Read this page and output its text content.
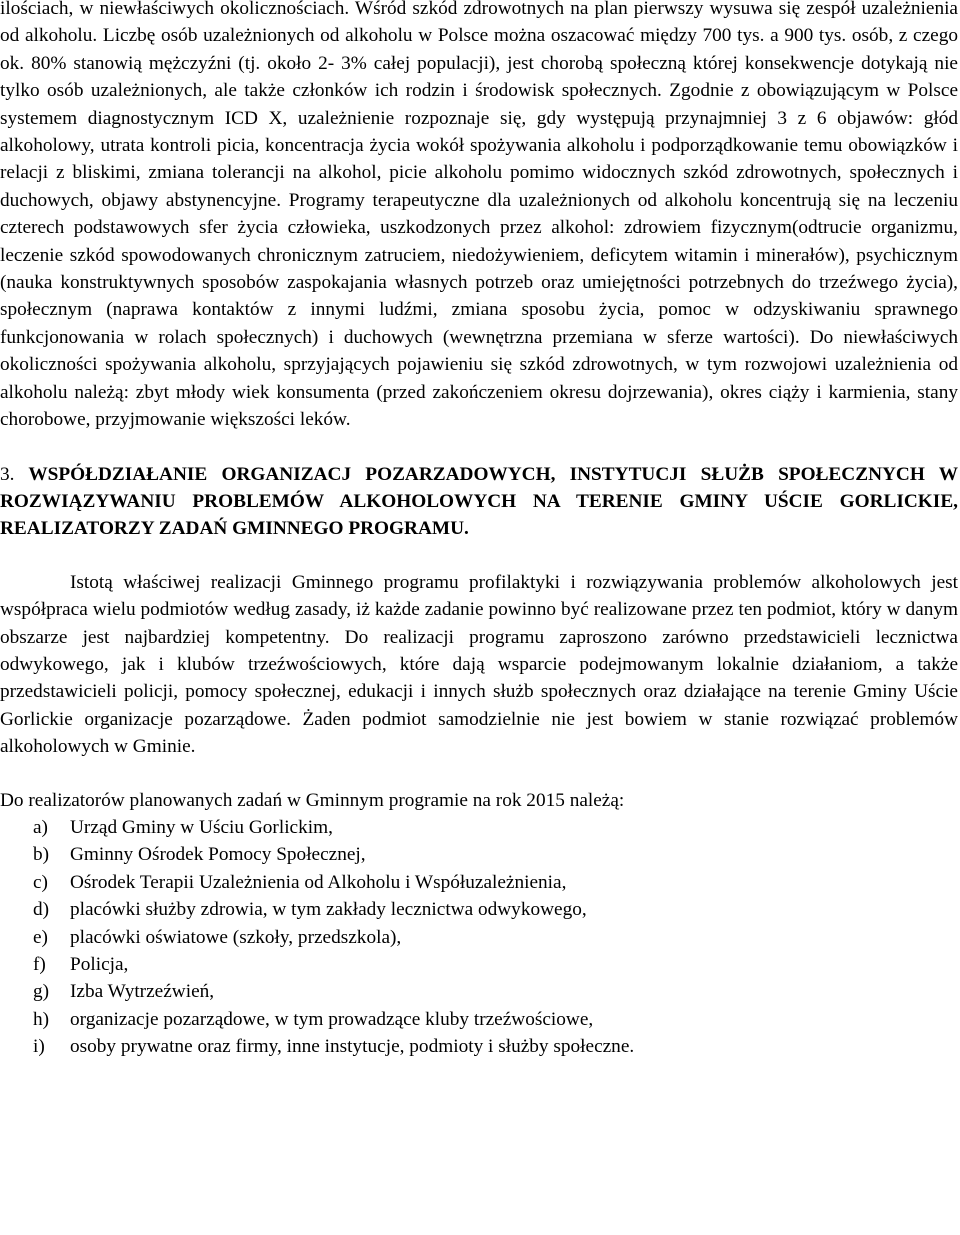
ilościach, w niewłaściwych okolicznościach. Wśród szkód zdrowotnych na plan pierwszy wysuwa się zespół uzależnienia od alkoholu. Liczbę osób uzależnionych od alkoholu w Polsce można oszacować między 700 tys. a 900 tys. osób, z czego ok. 80% stanowią mężczyźni (tj. około 2- 3% całej populacji), jest chorobą społeczną której konsekwencje dotykają nie tylko osób uzależnionych, ale także członków ich rodzin i środowisk społecznych. Zgodnie z obowiązującym w Polsce systemem diagnostycznym ICD X, uzależnienie rozpoznaje się, gdy występują przynajmniej 3 z 6 objawów: głód alkoholowy, utrata kontroli picia, koncentracja życia wokół spożywania alkoholu i podporządkowanie temu obowiązków i relacji z bliskimi, zmiana tolerancji na alkohol, picie alkoholu pomimo widocznych szkód zdrowotnych, społecznych i duchowych, objawy abstynencyjne. Programy terapeutyczne dla uzależnionych od alkoholu koncentrują się na leczeniu czterech podstawowych sfer życia człowieka, uszkodzonych przez alkohol: zdrowiem fizycznym(odtrucie organizmu, leczenie szkód spowodowanych chronicznym zatruciem, niedożywieniem, deficytem witamin i minerałów), psychicznym (nauka konstruktywnych sposobów zaspokajania własnych potrzeb oraz umiejętności potrzebnych do trzeźwego życia), społecznym (naprawa kontaktów z innymi ludźmi, zmiana sposobu życia, pomoc w odzyskiwaniu sprawnego funkcjonowania w rolach społecznych) i duchowych (wewnętrzna przemiana w sferze wartości). Do niewłaściwych okoliczności spożywania alkoholu, sprzyjających pojawieniu się szkód zdrowotnych, w tym rozwojowi uzależnienia od alkoholu należą: zbyt młody wiek konsumenta (przed zakończeniem okresu dojrzewania), okres ciąży i karmienia, stany chorobowe, przyjmowanie większości leków.

3. WSPÓŁDZIAŁANIE ORGANIZACJ POZARZADOWYCH, INSTYTUCJI SŁUŻB SPOŁECZNYCH W ROZWIĄZYWANIU PROBLEMÓW ALKOHOLOWYCH NA TERENIE GMINY UŚCIE GORLICKIE, REALIZATORZY ZADAŃ GMINNEGO PROGRAMU.

Istotą właściwej realizacji Gminnego programu profilaktyki i rozwiązywania problemów alkoholowych jest współpraca wielu podmiotów według zasady, iż każde zadanie powinno być realizowane przez ten podmiot, który w danym obszarze jest najbardziej kompetentny. Do realizacji programu zaproszono zarówno przedstawicieli lecznictwa odwykowego, jak i klubów trzeźwościowych, które dają wsparcie podejmowanym lokalnie działaniom, a także przedstawicieli policji, pomocy społecznej, edukacji i innych służb społecznych oraz działające na terenie Gminy Uście Gorlickie organizacje pozarządowe. Żaden podmiot samodzielnie nie jest bowiem w stanie rozwiązać problemów alkoholowych w Gminie.

Do realizatorów planowanych zadań w Gminnym programie na rok 2015 należą:

a)	Urząd Gminy w Uściu Gorlickim,
b)	Gminny Ośrodek Pomocy Społecznej,
c)	Ośrodek Terapii Uzależnienia od Alkoholu i Współuzależnienia,
d)	placówki służby zdrowia, w tym zakłady lecznictwa odwykowego,
e)	placówki oświatowe (szkoły, przedszkola),
f)	Policja,
g)	Izba Wytrzeźwień,
h)	organizacje pozarządowe, w tym prowadzące kluby trzeźwościowe,
i)	osoby prywatne oraz firmy, inne instytucje, podmioty i służby społeczne.
